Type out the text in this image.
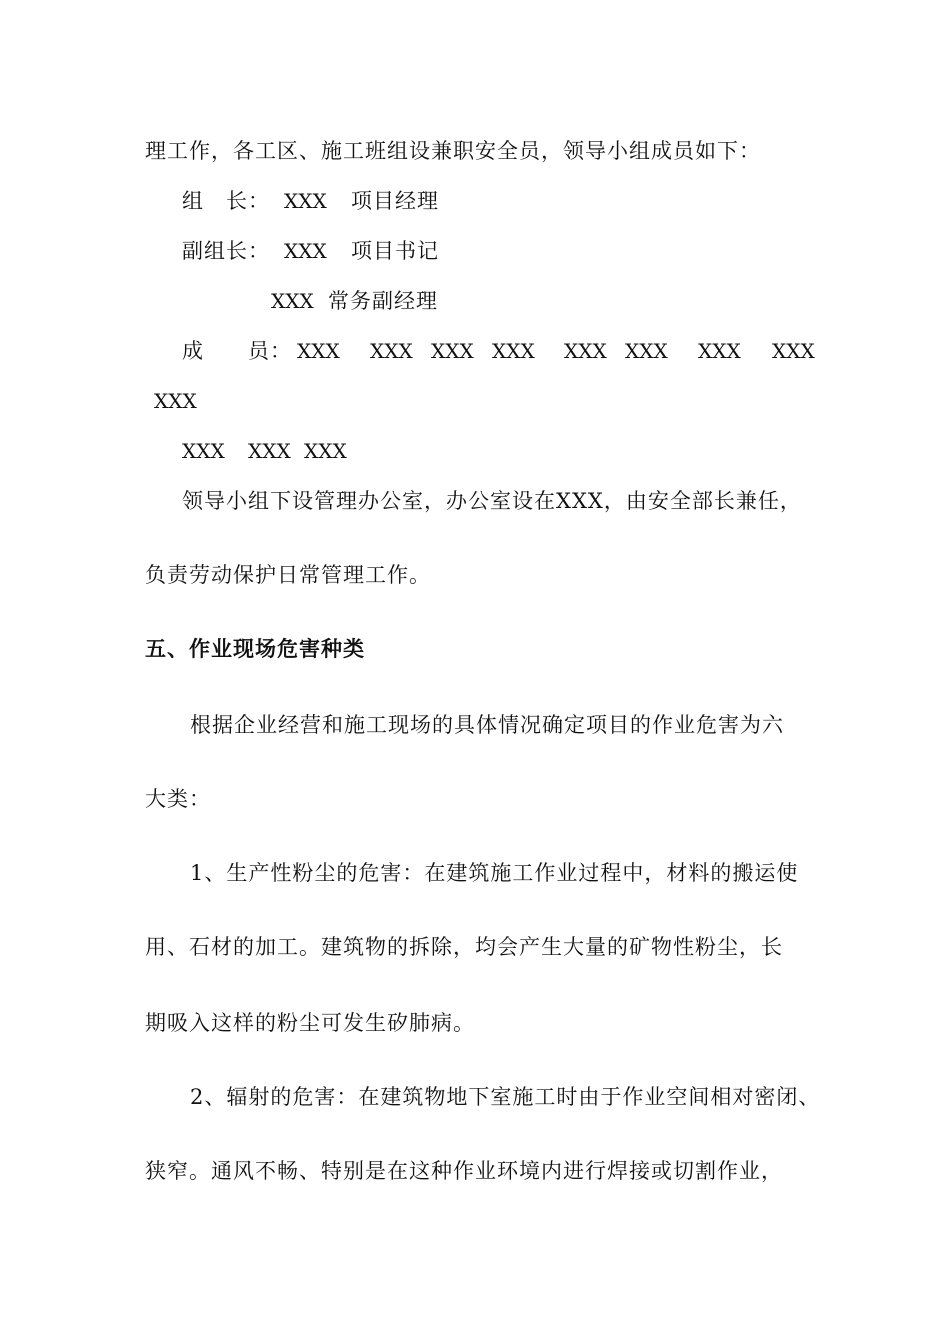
理工作，各工区、施工班组设兼职安全员，领导小组成员如下：
组　长： XXX 项目经理
副组长： XXX 项目书记
XXX 常务副经理
成　　员： XXX XXX XXX XXX XXX XXX XXX XXX
XXX
XXX XXX XXX
领导小组下设管理办公室，办公室设在XXX，由安全部长兼任，
负责劳动保护日常管理工作。
五、作业现场危害种类
根据企业经营和施工现场的具体情况确定项目的作业危害为六
大类：
1、生产性粉尘的危害：在建筑施工作业过程中，材料的搬运使
用、石材的加工。建筑物的拆除，均会产生大量的矿物性粉尘，长
期吸入这样的粉尘可发生矽肺病。
2、辐射的危害：在建筑物地下室施工时由于作业空间相对密闭、
狭窄。通风不畅、特别是在这种作业环境内进行焊接或切割作业，
